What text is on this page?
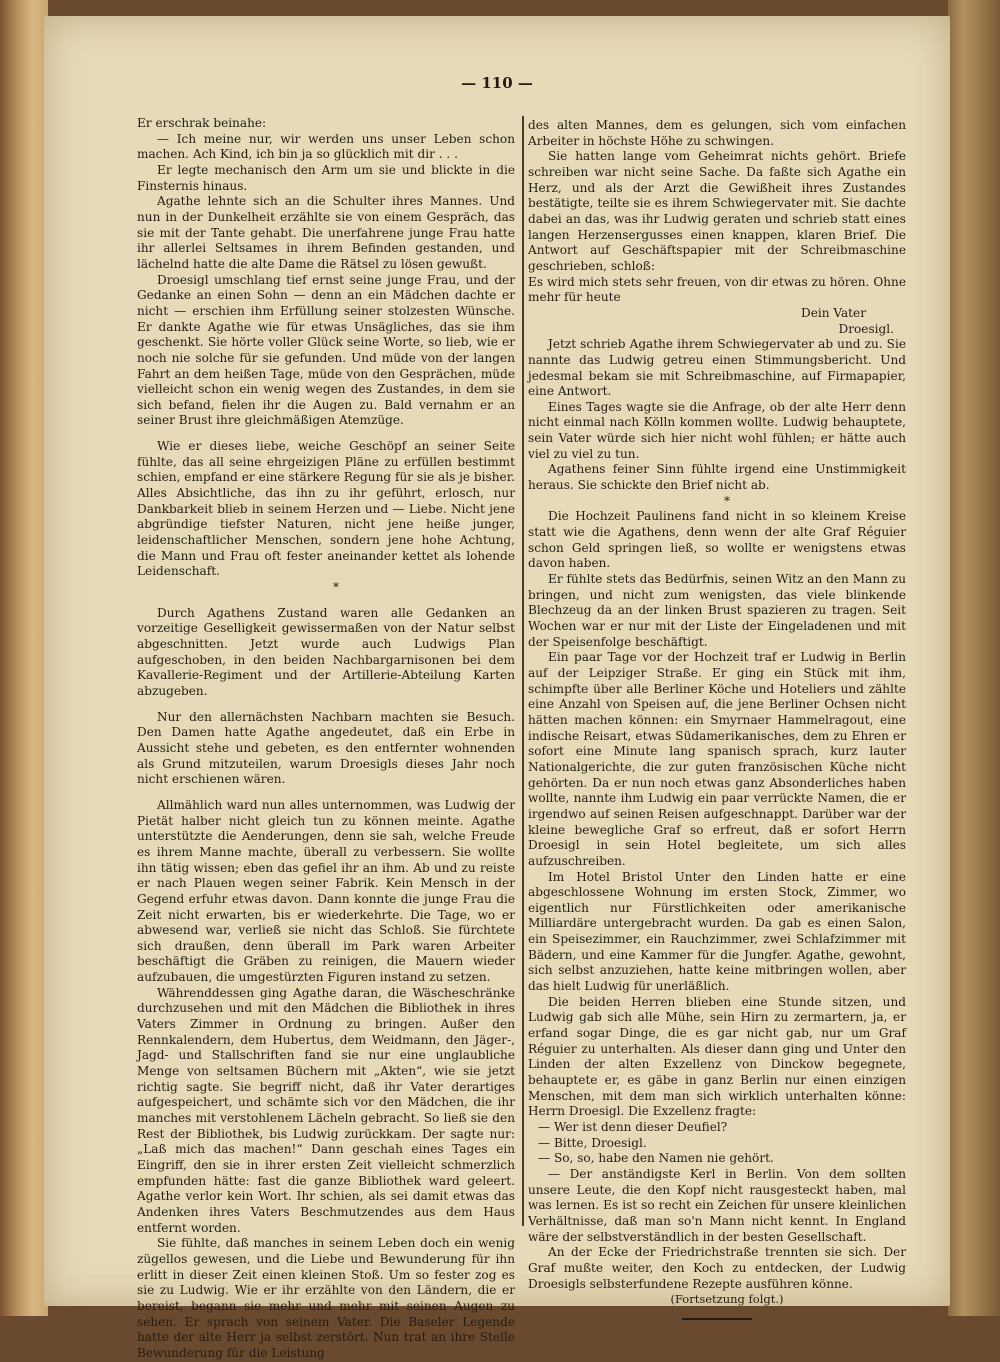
— 110 —

Er erschrak beinahe:

— Ich meine nur, wir werden uns unser Leben schon machen. Ach Kind, ich bin ja so glücklich mit dir . . .

Er legte mechanisch den Arm um sie und blickte in die Finsternis hinaus.

Agathe lehnte sich an die Schulter ihres Mannes. Und nun in der Dunkelheit erzählte sie von einem Gespräch, das sie mit der Tante gehabt. Die unerfahrene junge Frau hatte ihr allerlei Seltsames in ihrem Befinden gestanden, und lächelnd hatte die alte Dame die Rätsel zu lösen gewußt.

Droesigl umschlang tief ernst seine junge Frau, und der Gedanke an einen Sohn — denn an ein Mädchen dachte er nicht — erschien ihm Erfüllung seiner stolzesten Wünsche. Er dankte Agathe wie für etwas Unsägliches, das sie ihm geschenkt. Sie hörte voller Glück seine Worte, so lieb, wie er noch nie solche für sie gefunden. Und müde von der langen Fahrt an dem heißen Tage, müde von den Gesprächen, müde vielleicht schon ein wenig wegen des Zustandes, in dem sie sich befand, fielen ihr die Augen zu. Bald vernahm er an seiner Brust ihre gleichmäßigen Atemzüge.

Wie er dieses liebe, weiche Geschöpf an seiner Seite fühlte, das all seine ehrgeizigen Pläne zu erfüllen bestimmt schien, empfand er eine stärkere Regung für sie als je bisher. Alles Absichtliche, das ihn zu ihr geführt, erlosch, nur Dankbarkeit blieb in seinem Herzen und — Liebe. Nicht jene abgründige tiefster Naturen, nicht jene heiße junger, leidenschaftlicher Menschen, sondern jene hohe Achtung, die Mann und Frau oft fester aneinander kettet als lohende Leidenschaft.

*

Durch Agathens Zustand waren alle Gedanken an vorzeitige Geselligkeit gewissermaßen von der Natur selbst abgeschnitten. Jetzt wurde auch Ludwigs Plan aufgeschoben, in den beiden Nachbargarnisonen bei dem Kavallerie-Regiment und der Artillerie-Abteilung Karten abzugeben.

Nur den allernächsten Nachbarn machten sie Besuch. Den Damen hatte Agathe angedeutet, daß ein Erbe in Aussicht stehe und gebeten, es den entfernter wohnenden als Grund mitzuteilen, warum Droesigls dieses Jahr noch nicht erschienen wären.

Allmählich ward nun alles unternommen, was Ludwig der Pietät halber nicht gleich tun zu können meinte. Agathe unterstützte die Aenderungen, denn sie sah, welche Freude es ihrem Manne machte, überall zu verbessern. Sie wollte ihn tätig wissen; eben das gefiel ihr an ihm. Ab und zu reiste er nach Plauen wegen seiner Fabrik. Kein Mensch in der Gegend erfuhr etwas davon. Dann konnte die junge Frau die Zeit nicht erwarten, bis er wiederkehrte. Die Tage, wo er abwesend war, verließ sie nicht das Schloß. Sie fürchtete sich draußen, denn überall im Park waren Arbeiter beschäftigt die Gräben zu reinigen, die Mauern wieder aufzubauen, die umgestürzten Figuren instand zu setzen.

Währenddessen ging Agathe daran, die Wäscheschränke durchzusehen und mit den Mädchen die Bibliothek in ihres Vaters Zimmer in Ordnung zu bringen. Außer den Rennkalendern, dem Hubertus, dem Weidmann, den Jäger-, Jagd- und Stallschriften fand sie nur eine unglaubliche Menge von seltsamen Büchern mit „Akten“, wie sie jetzt richtig sagte. Sie begriff nicht, daß ihr Vater derartiges aufgespeichert, und schämte sich vor den Mädchen, die ihr manches mit verstohlenem Lächeln gebracht. So ließ sie den Rest der Bibliothek, bis Ludwig zurückkam. Der sagte nur: „Laß mich das machen!“ Dann geschah eines Tages ein Eingriff, den sie in ihrer ersten Zeit vielleicht schmerzlich empfunden hätte: fast die ganze Bibliothek ward geleert. Agathe verlor kein Wort. Ihr schien, als sei damit etwas das Andenken ihres Vaters Beschmutzendes aus dem Haus entfernt worden.

Sie fühlte, daß manches in seinem Leben doch ein wenig zügellos gewesen, und die Liebe und Bewunderung für ihn erlitt in dieser Zeit einen kleinen Stoß. Um so fester zog es sie zu Ludwig. Wie er ihr erzählte von den Ländern, die er bereist, begann sie mehr und mehr mit seinen Augen zu sehen. Er sprach von seinem Vater. Die Baseler Legende hatte der alte Herr ja selbst zerstört. Nun trat an ihre Stelle Bewunderung für die Leistung

des alten Mannes, dem es gelungen, sich vom einfachen Arbeiter in höchste Höhe zu schwingen.

Sie hatten lange vom Geheimrat nichts gehört. Briefe schreiben war nicht seine Sache. Da faßte sich Agathe ein Herz, und als der Arzt die Gewißheit ihres Zustandes bestätigte, teilte sie es ihrem Schwiegervater mit. Sie dachte dabei an das, was ihr Ludwig geraten und schrieb statt eines langen Herzensergusses einen knappen, klaren Brief. Die Antwort auf Geschäftspapier mit der Schreibmaschine geschrieben, schloß:

Es wird mich stets sehr freuen, von dir etwas zu hören. Ohne mehr für heute

Dein Vater

Droesigl.

Jetzt schrieb Agathe ihrem Schwiegervater ab und zu. Sie nannte das Ludwig getreu einen Stimmungsbericht. Und jedesmal bekam sie mit Schreibmaschine, auf Firmapapier, eine Antwort.

Eines Tages wagte sie die Anfrage, ob der alte Herr denn nicht einmal nach Kölln kommen wollte. Ludwig behauptete, sein Vater würde sich hier nicht wohl fühlen; er hätte auch viel zu viel zu tun.

Agathens feiner Sinn fühlte irgend eine Unstimmigkeit heraus. Sie schickte den Brief nicht ab.

*

Die Hochzeit Paulinens fand nicht in so kleinem Kreise statt wie die Agathens, denn wenn der alte Graf Réguier schon Geld springen ließ, so wollte er wenigstens etwas davon haben.

Er fühlte stets das Bedürfnis, seinen Witz an den Mann zu bringen, und nicht zum wenigsten, das viele blinkende Blechzeug da an der linken Brust spazieren zu tragen. Seit Wochen war er nur mit der Liste der Eingeladenen und mit der Speisenfolge beschäftigt.

Ein paar Tage vor der Hochzeit traf er Ludwig in Berlin auf der Leipziger Straße. Er ging ein Stück mit ihm, schimpfte über alle Berliner Köche und Hoteliers und zählte eine Anzahl von Speisen auf, die jene Berliner Ochsen nicht hätten machen können: ein Smyrnaer Hammelragout, eine indische Reisart, etwas Südamerikanisches, dem zu Ehren er sofort eine Minute lang spanisch sprach, kurz lauter Nationalgerichte, die zur guten französischen Küche nicht gehörten. Da er nun noch etwas ganz Absonderliches haben wollte, nannte ihm Ludwig ein paar verrückte Namen, die er irgendwo auf seinen Reisen aufgeschnappt. Darüber war der kleine bewegliche Graf so erfreut, daß er sofort Herrn Droesigl in sein Hotel begleitete, um sich alles aufzuschreiben.

Im Hotel Bristol Unter den Linden hatte er eine abgeschlossene Wohnung im ersten Stock, Zimmer, wo eigentlich nur Fürstlichkeiten oder amerikanische Milliardäre untergebracht wurden. Da gab es einen Salon, ein Speisezimmer, ein Rauchzimmer, zwei Schlafzimmer mit Bädern, und eine Kammer für die Jungfer. Agathe, gewohnt, sich selbst anzuziehen, hatte keine mitbringen wollen, aber das hielt Ludwig für unerläßlich.

Die beiden Herren blieben eine Stunde sitzen, und Ludwig gab sich alle Mühe, sein Hirn zu zermartern, ja, er erfand sogar Dinge, die es gar nicht gab, nur um Graf Réguier zu unterhalten. Als dieser dann ging und Unter den Linden der alten Exzellenz von Dinckow begegnete, behauptete er, es gäbe in ganz Berlin nur einen einzigen Menschen, mit dem man sich wirklich unterhalten könne: Herrn Droesigl. Die Exzellenz fragte:

— Wer ist denn dieser Deufiel?

— Bitte, Droesigl.

— So, so, habe den Namen nie gehört.

— Der anständigste Kerl in Berlin. Von dem sollten unsere Leute, die den Kopf nicht rausgesteckt haben, mal was lernen. Es ist so recht ein Zeichen für unsere kleinlichen Verhältnisse, daß man so'n Mann nicht kennt. In England wäre der selbstverständlich in der besten Gesellschaft.

An der Ecke der Friedrichstraße trennten sie sich. Der Graf mußte weiter, den Koch zu entdecken, der Ludwig Droesigls selbsterfundene Rezepte ausführen könne.

(Fortsetzung folgt.)
